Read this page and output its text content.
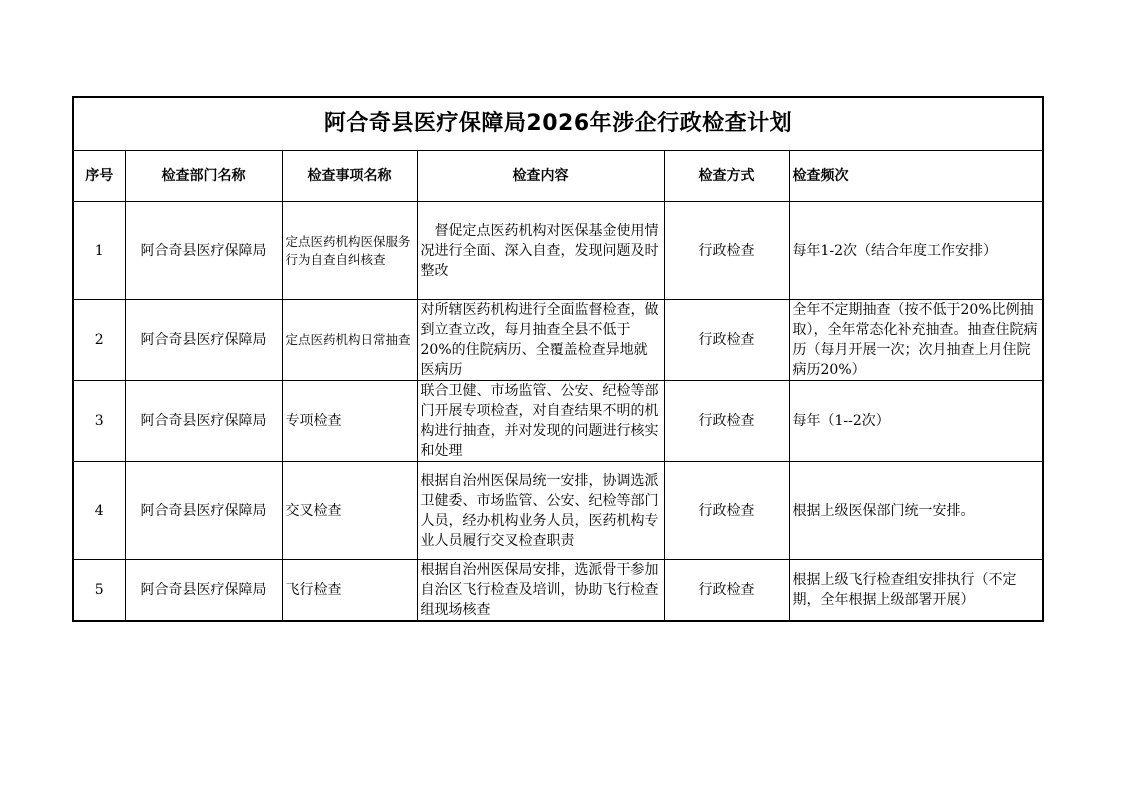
阿合奇县医疗保障局2026年涉企行政检查计划					
序号	检查部门名称	检查事项名称	检查内容	检查方式	检查频次
1	阿合奇县医疗保障局	定点医药机构医保服务行为自查自纠核查	督促定点医药机构对医保基金使用情况进行全面、深入自查，发现问题及时整改	行政检查	每年1-2次（结合年度工作安排）
2	阿合奇县医疗保障局	定点医药机构日常抽查	对所辖医药机构进行全面监督检查，做到立查立改，每月抽查全县不低于20%的住院病历、全覆盖检查异地就医病历	行政检查	全年不定期抽查（按不低于20%比例抽取），全年常态化补充抽查。抽查住院病历（每月开展一次；次月抽查上月住院病历20%）
3	阿合奇县医疗保障局	专项检查	联合卫健、市场监管、公安、纪检等部门开展专项检查，对自查结果不明的机构进行抽查，并对发现的问题进行核实和处理	行政检查	每年（1--2次）
4	阿合奇县医疗保障局	交叉检查	根据自治州医保局统一安排，协调选派卫健委、市场监管、公安、纪检等部门人员，经办机构业务人员，医药机构专业人员履行交叉检查职责	行政检查	根据上级医保部门统一安排。
5	阿合奇县医疗保障局	飞行检查	根据自治州医保局安排，选派骨干参加自治区飞行检查及培训，协助飞行检查组现场核查	行政检查	根据上级飞行检查组安排执行（不定期，全年根据上级部署开展）
